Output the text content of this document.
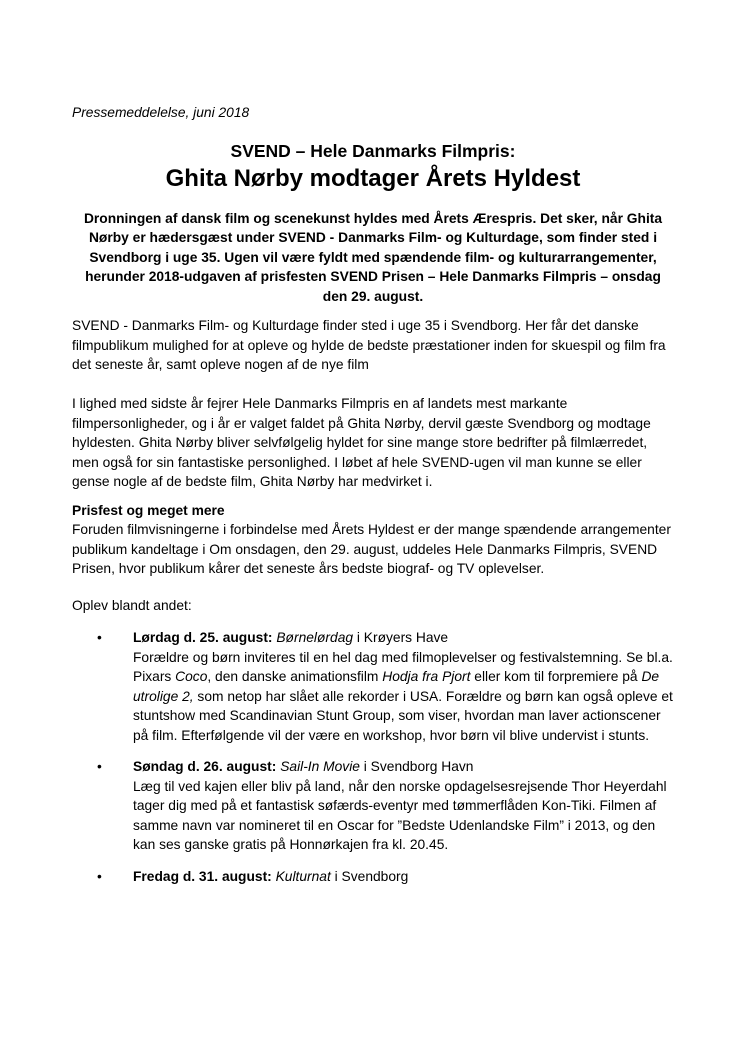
Pressemeddelelse, juni 2018

SVEND – Hele Danmarks Filmpris:

Ghita Nørby modtager Årets Hyldest

Dronningen af dansk film og scenekunst hyldes med Årets Ærespris. Det sker, når Ghita Nørby er hædersgæst under SVEND - Danmarks Film- og Kulturdage, som finder sted i Svendborg i uge 35. Ugen vil være fyldt med spændende film- og kulturarrangementer, herunder 2018-udgaven af prisfesten SVEND Prisen – Hele Danmarks Filmpris – onsdag den 29. august.

SVEND - Danmarks Film- og Kulturdage finder sted i uge 35 i Svendborg. Her får det danske filmpublikum mulighed for at opleve og hylde de bedste præstationer inden for skuespil og film fra det seneste år, samt opleve nogen af de nye film

I lighed med sidste år fejrer Hele Danmarks Filmpris en af landets mest markante filmpersonligheder, og i år er valget faldet på Ghita Nørby, dervil gæste Svendborg og modtage hyldesten. Ghita Nørby bliver selvfølgelig hyldet for sine mange store bedrifter på filmlærredet, men også for sin fantastiske personlighed. I løbet af hele SVEND-ugen vil man kunne se eller gense nogle af de bedste film, Ghita Nørby har medvirket i.

Prisfest og meget mere

Foruden filmvisningerne i forbindelse med Årets Hyldest er der mange spændende arrangementer publikum kandeltage i Om onsdagen, den 29. august, uddeles Hele Danmarks Filmpris, SVEND Prisen, hvor publikum kårer det seneste års bedste biograf- og TV oplevelser.

Oplev blandt andet:

• Lørdag d. 25. august: Børnelørdag i Krøyers Have
Forældre og børn inviteres til en hel dag med filmoplevelser og festivalstemning. Se bl.a. Pixars Coco, den danske animationsfilm Hodja fra Pjort eller kom til forpremiere på De utrolige 2, som netop har slået alle rekorder i USA. Forældre og børn kan også opleve et stuntshow med Scandinavian Stunt Group, som viser, hvordan man laver actionscener på film. Efterfølgende vil der være en workshop, hvor børn vil blive undervist i stunts.
• Søndag d. 26. august: Sail-In Movie i Svendborg Havn
Læg til ved kajen eller bliv på land, når den norske opdagelsesrejsende Thor Heyerdahl tager dig med på et fantastisk søfærds-eventyr med tømmerflåden Kon-Tiki. Filmen af samme navn var nomineret til en Oscar for ”Bedste Udenlandske Film” i 2013, og den kan ses ganske gratis på Honnørkajen fra kl. 20.45.
• Fredag d. 31. august: Kulturnat i Svendborg
